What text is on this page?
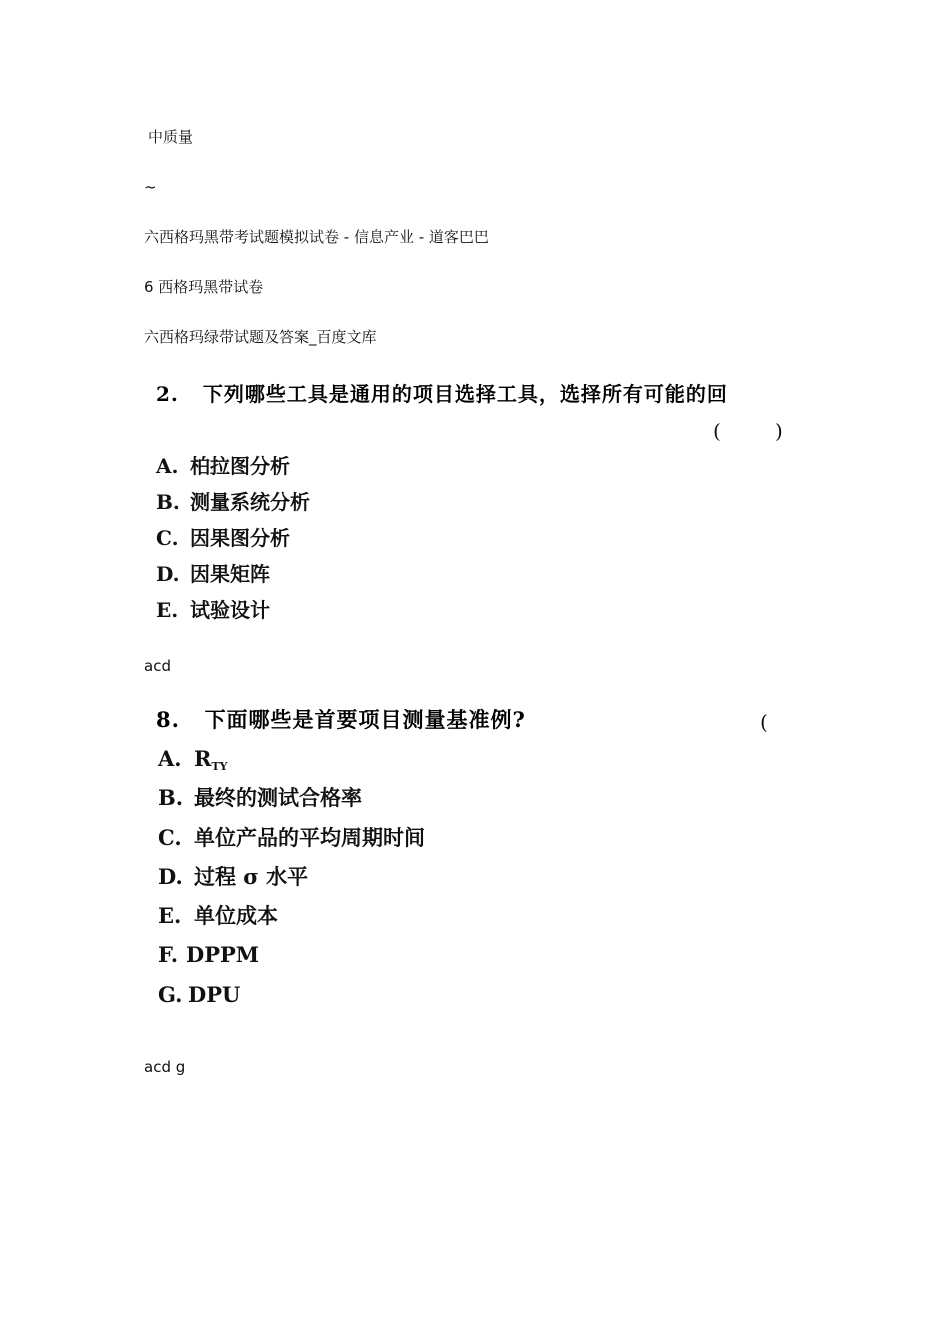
中质量
~
六西格玛黑带考试题模拟试卷 - 信息产业 - 道客巴巴
6 西格玛黑带试卷
六西格玛绿带试题及答案_百度文库
2. 下列哪些工具是通用的项目选择工具，选择所有可能的回
(	)
A. 柏拉图分析
B. 测量系统分析
C. 因果图分析
D. 因果矩阵
E. 试验设计
acd
8. 下面哪些是首要项目测量基准例?	(
A. $R_{TY}$
B. 最终的测试合格率
C. 单位产品的平均周期时间
D. 过程 σ 水平
E. 单位成本
F. DPPM
G. DPU
acd g
